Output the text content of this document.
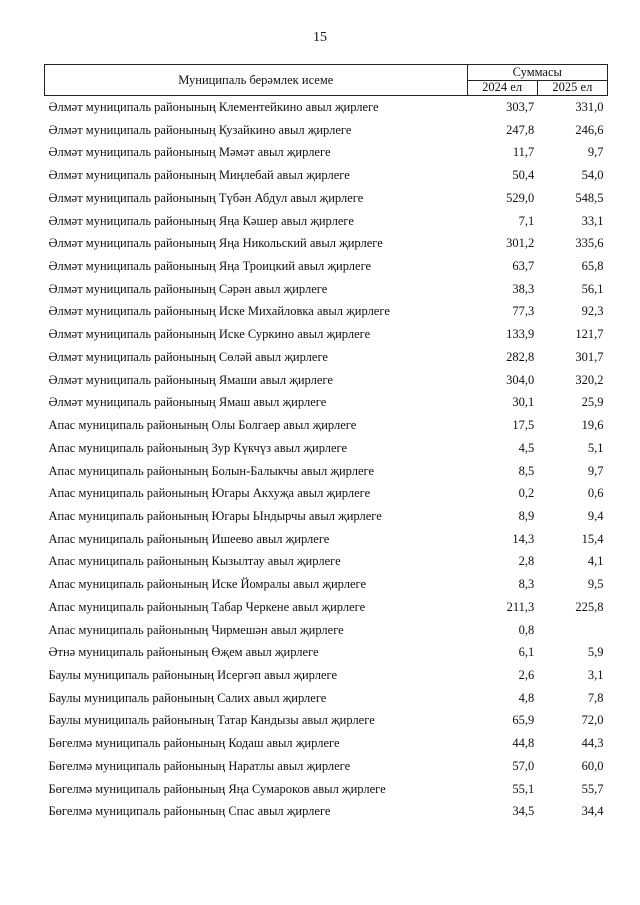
15
Муниципаль берәмлек исеме	Суммасы	
	2024 ел	2025 ел
Әлмәт муниципаль районының Клементейкино авыл җирлеге	303,7	331,0
Әлмәт муниципаль районының Кузайкино авыл җирлеге	247,8	246,6
Әлмәт муниципаль районының Мәмәт авыл җирлеге	11,7	9,7
Әлмәт муниципаль районының Миңлебай авыл җирлеге	50,4	54,0
Әлмәт муниципаль районының Түбән Абдул авыл җирлеге	529,0	548,5
Әлмәт муниципаль районының Яңа Кәшер авыл җирлеге	7,1	33,1
Әлмәт муниципаль районының Яңа Никольский авыл җирлеге	301,2	335,6
Әлмәт муниципаль районының Яңа Троицкий авыл җирлеге	63,7	65,8
Әлмәт муниципаль районының Сәрән авыл җирлеге	38,3	56,1
Әлмәт муниципаль районының Иске Михайловка авыл җирлеге	77,3	92,3
Әлмәт муниципаль районының Иске Суркино авыл җирлеге	133,9	121,7
Әлмәт муниципаль районының Сөләй авыл җирлеге	282,8	301,7
Әлмәт муниципаль районының Ямаши авыл җирлеге	304,0	320,2
Әлмәт муниципаль районының Ямаш авыл җирлеге	30,1	25,9
Апас муниципаль районының Олы Болгаер авыл җирлеге	17,5	19,6
Апас муниципаль районының Зур Күкчүз авыл җирлеге	4,5	5,1
Апас муниципаль районының Болын-Балыкчы авыл җирлеге	8,5	9,7
Апас муниципаль районының Югары Акхуҗа авыл җирлеге	0,2	0,6
Апас муниципаль районының Югары Ындырчы авыл җирлеге	8,9	9,4
Апас муниципаль районының Ишеево авыл җирлеге	14,3	15,4
Апас муниципаль районының Кызылтау авыл җирлеге	2,8	4,1
Апас муниципаль районының Иске Йомралы авыл җирлеге	8,3	9,5
Апас муниципаль районының Табар Черкене авыл җирлеге	211,3	225,8
Апас муниципаль районының Чирмешән авыл җирлеге	0,8	
Әтнә муниципаль районының Өҗем авыл җирлеге	6,1	5,9
Баулы муниципаль районының Исергәп авыл җирлеге	2,6	3,1
Баулы муниципаль районының Салих авыл җирлеге	4,8	7,8
Баулы муниципаль районының Татар Кандызы авыл җирлеге	65,9	72,0
Бөгелмә муниципаль районының Кодаш авыл җирлеге	44,8	44,3
Бөгелмә муниципаль районының Наратлы авыл җирлеге	57,0	60,0
Бөгелмә муниципаль районының Яңа Сумароков авыл җирлеге	55,1	55,7
Бөгелмә муниципаль районының Спас авыл җирлеге	34,5	34,4
